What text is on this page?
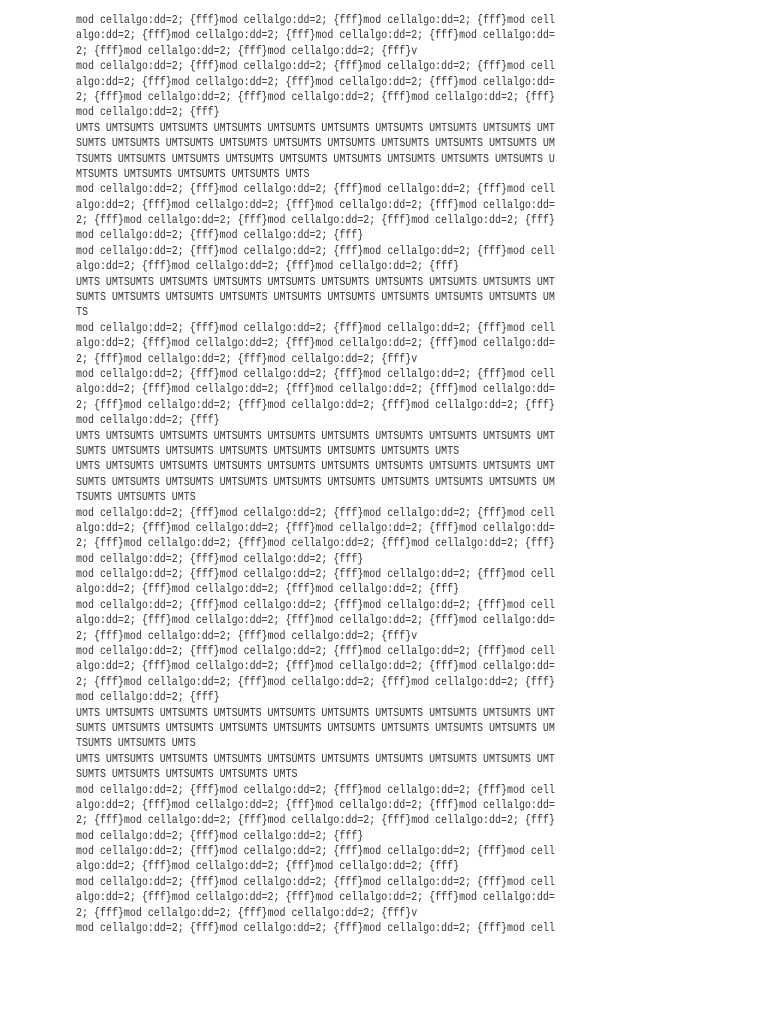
mod cellalgo:dd=2; {fff}mod cellalgo:dd=2; {fff}mod cellalgo:dd=2; {fff}mod cell
algo:dd=2; {fff}mod cellalgo:dd=2; {fff}mod cellalgo:dd=2; {fff}mod cellalgo:dd=
2; {fff}mod cellalgo:dd=2; {fff}mod cellalgo:dd=2; {fff}v
mod cellalgo:dd=2; {fff}mod cellalgo:dd=2; {fff}mod cellalgo:dd=2; {fff}mod cell
algo:dd=2; {fff}mod cellalgo:dd=2; {fff}mod cellalgo:dd=2; {fff}mod cellalgo:dd=
2; {fff}mod cellalgo:dd=2; {fff}mod cellalgo:dd=2; {fff}mod cellalgo:dd=2; {fff}
mod cellalgo:dd=2; {fff}
UMTS UMTSUMTS UMTSUMTS UMTSUMTS UMTSUMTS UMTSUMTS UMTSUMTS UMTSUMTS UMTSUMTS UMT
SUMTS UMTSUMTS UMTSUMTS UMTSUMTS UMTSUMTS UMTSUMTS UMTSUMTS UMTSUMTS UMTSUMTS UM
TSUMTS UMTSUMTS UMTSUMTS UMTSUMTS UMTSUMTS UMTSUMTS UMTSUMTS UMTSUMTS UMTSUMTS U
MTSUMTS UMTSUMTS UMTSUMTS UMTSUMTS UMTS
mod cellalgo:dd=2; {fff}mod cellalgo:dd=2; {fff}mod cellalgo:dd=2; {fff}mod cell
algo:dd=2; {fff}mod cellalgo:dd=2; {fff}mod cellalgo:dd=2; {fff}mod cellalgo:dd=
2; {fff}mod cellalgo:dd=2; {fff}mod cellalgo:dd=2; {fff}mod cellalgo:dd=2; {fff}
mod cellalgo:dd=2; {fff}mod cellalgo:dd=2; {fff}
mod cellalgo:dd=2; {fff}mod cellalgo:dd=2; {fff}mod cellalgo:dd=2; {fff}mod cell
algo:dd=2; {fff}mod cellalgo:dd=2; {fff}mod cellalgo:dd=2; {fff}
UMTS UMTSUMTS UMTSUMTS UMTSUMTS UMTSUMTS UMTSUMTS UMTSUMTS UMTSUMTS UMTSUMTS UMT
SUMTS UMTSUMTS UMTSUMTS UMTSUMTS UMTSUMTS UMTSUMTS UMTSUMTS UMTSUMTS UMTSUMTS UM
TS
mod cellalgo:dd=2; {fff}mod cellalgo:dd=2; {fff}mod cellalgo:dd=2; {fff}mod cell
algo:dd=2; {fff}mod cellalgo:dd=2; {fff}mod cellalgo:dd=2; {fff}mod cellalgo:dd=
2; {fff}mod cellalgo:dd=2; {fff}mod cellalgo:dd=2; {fff}v
mod cellalgo:dd=2; {fff}mod cellalgo:dd=2; {fff}mod cellalgo:dd=2; {fff}mod cell
algo:dd=2; {fff}mod cellalgo:dd=2; {fff}mod cellalgo:dd=2; {fff}mod cellalgo:dd=
2; {fff}mod cellalgo:dd=2; {fff}mod cellalgo:dd=2; {fff}mod cellalgo:dd=2; {fff}
mod cellalgo:dd=2; {fff}
UMTS UMTSUMTS UMTSUMTS UMTSUMTS UMTSUMTS UMTSUMTS UMTSUMTS UMTSUMTS UMTSUMTS UMT
SUMTS UMTSUMTS UMTSUMTS UMTSUMTS UMTSUMTS UMTSUMTS UMTSUMTS UMTS
UMTS UMTSUMTS UMTSUMTS UMTSUMTS UMTSUMTS UMTSUMTS UMTSUMTS UMTSUMTS UMTSUMTS UMT
SUMTS UMTSUMTS UMTSUMTS UMTSUMTS UMTSUMTS UMTSUMTS UMTSUMTS UMTSUMTS UMTSUMTS UM
TSUMTS UMTSUMTS UMTS
mod cellalgo:dd=2; {fff}mod cellalgo:dd=2; {fff}mod cellalgo:dd=2; {fff}mod cell
algo:dd=2; {fff}mod cellalgo:dd=2; {fff}mod cellalgo:dd=2; {fff}mod cellalgo:dd=
2; {fff}mod cellalgo:dd=2; {fff}mod cellalgo:dd=2; {fff}mod cellalgo:dd=2; {fff}
mod cellalgo:dd=2; {fff}mod cellalgo:dd=2; {fff}
mod cellalgo:dd=2; {fff}mod cellalgo:dd=2; {fff}mod cellalgo:dd=2; {fff}mod cell
algo:dd=2; {fff}mod cellalgo:dd=2; {fff}mod cellalgo:dd=2; {fff}
mod cellalgo:dd=2; {fff}mod cellalgo:dd=2; {fff}mod cellalgo:dd=2; {fff}mod cell
algo:dd=2; {fff}mod cellalgo:dd=2; {fff}mod cellalgo:dd=2; {fff}mod cellalgo:dd=
2; {fff}mod cellalgo:dd=2; {fff}mod cellalgo:dd=2; {fff}v
mod cellalgo:dd=2; {fff}mod cellalgo:dd=2; {fff}mod cellalgo:dd=2; {fff}mod cell
algo:dd=2; {fff}mod cellalgo:dd=2; {fff}mod cellalgo:dd=2; {fff}mod cellalgo:dd=
2; {fff}mod cellalgo:dd=2; {fff}mod cellalgo:dd=2; {fff}mod cellalgo:dd=2; {fff}
mod cellalgo:dd=2; {fff}
UMTS UMTSUMTS UMTSUMTS UMTSUMTS UMTSUMTS UMTSUMTS UMTSUMTS UMTSUMTS UMTSUMTS UMT
SUMTS UMTSUMTS UMTSUMTS UMTSUMTS UMTSUMTS UMTSUMTS UMTSUMTS UMTSUMTS UMTSUMTS UM
TSUMTS UMTSUMTS UMTS
UMTS UMTSUMTS UMTSUMTS UMTSUMTS UMTSUMTS UMTSUMTS UMTSUMTS UMTSUMTS UMTSUMTS UMT
SUMTS UMTSUMTS UMTSUMTS UMTSUMTS UMTS
mod cellalgo:dd=2; {fff}mod cellalgo:dd=2; {fff}mod cellalgo:dd=2; {fff}mod cell
algo:dd=2; {fff}mod cellalgo:dd=2; {fff}mod cellalgo:dd=2; {fff}mod cellalgo:dd=
2; {fff}mod cellalgo:dd=2; {fff}mod cellalgo:dd=2; {fff}mod cellalgo:dd=2; {fff}
mod cellalgo:dd=2; {fff}mod cellalgo:dd=2; {fff}
mod cellalgo:dd=2; {fff}mod cellalgo:dd=2; {fff}mod cellalgo:dd=2; {fff}mod cell
algo:dd=2; {fff}mod cellalgo:dd=2; {fff}mod cellalgo:dd=2; {fff}
mod cellalgo:dd=2; {fff}mod cellalgo:dd=2; {fff}mod cellalgo:dd=2; {fff}mod cell
algo:dd=2; {fff}mod cellalgo:dd=2; {fff}mod cellalgo:dd=2; {fff}mod cellalgo:dd=
2; {fff}mod cellalgo:dd=2; {fff}mod cellalgo:dd=2; {fff}v
mod cellalgo:dd=2; {fff}mod cellalgo:dd=2; {fff}mod cellalgo:dd=2; {fff}mod cell
